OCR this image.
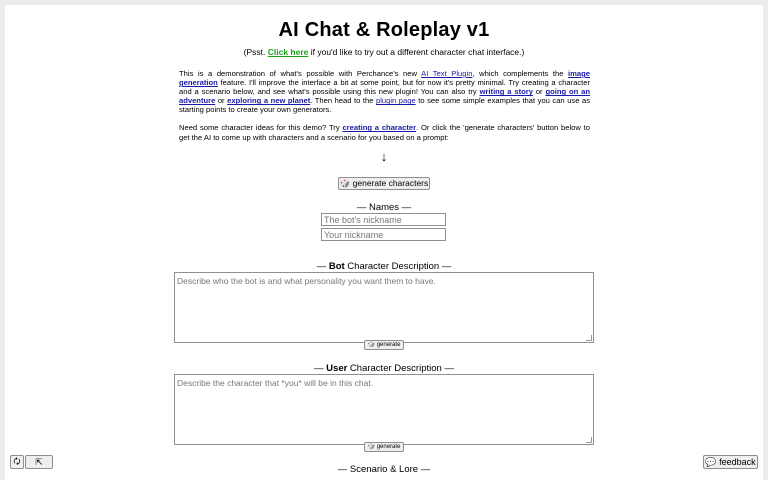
AI Chat & Roleplay v1
(Psst. Click here if you'd like to try out a different character chat interface.)

This is a demonstration of what's possible with Perchance's new AI Text Plugin, which complements the image generation feature. I'll improve the interface a bit at some point, but for now it's pretty minimal. Try creating a character and a scenario below, and see what's possible using this new plugin! You can also try writing a story or going on an adventure or exploring a new planet. Then head to the plugin page to see some simple examples that you can use as starting points to create your own generators.

Need some character ideas for this demo? Try creating a character. Or click the 'generate characters' button below to get the AI to come up with characters and a scenario for you based on a prompt:

↓
🎲 generate characters
— Names —
The bot's nickname
Your nickname
— Bot Character Description —
Describe who the bot is and what personality you want them to have.
🎲 generate
— User Character Description —
Describe the character that *you* will be in this chat.
🎲 generate
— Scenario & Lore —
🗘	⇱	💬 feedback
